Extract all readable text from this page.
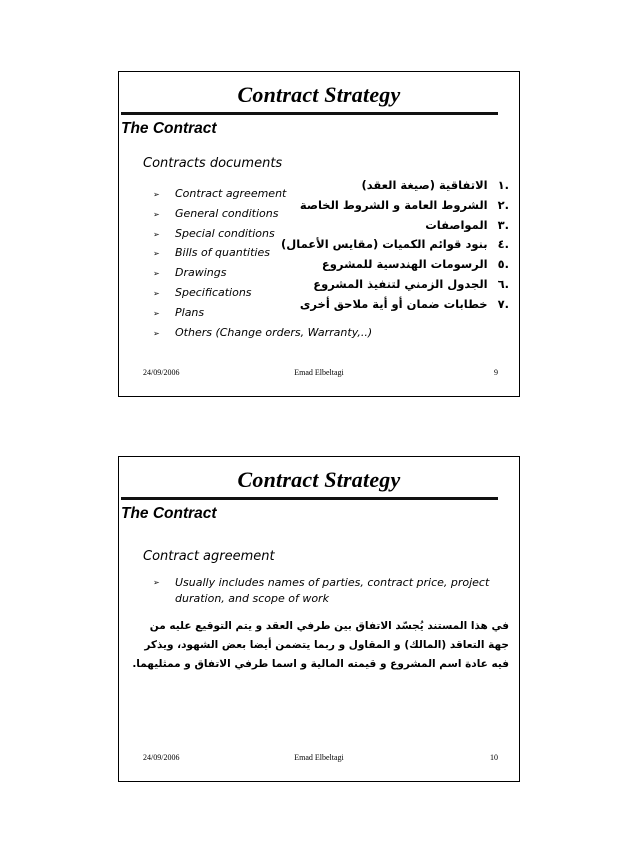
Contract Strategy
The Contract
Contracts documents
➢ Contract agreement
➢ General conditions
➢ Special conditions
➢ Bills of quantities
➢ Drawings
➢ Specifications
➢ Plans
➢ Others (Change orders, Warranty,..)
.١الاتفاقية (صيغة العقد)
.٢الشروط العامة و الشروط الخاصة
.٣المواصفات
.٤بنود قوائم الكميات (مقايس الأعمال)
.٥الرسومات الهندسية للمشروع
.٦الجدول الزمني لتنفيذ المشروع
.٧خطابات ضمان أو أية ملاحق أخرى
24/09/2006	Emad Elbeltagi	9
Contract Strategy
The Contract
Contract agreement
➢	Usually includes names of parties, contract price, project duration, and scope of work
في هذا المستند يُجسّد الاتفاق بين طرفي العقد و يتم التوقيع عليه من جهة التعاقد (المالك) و المقاول و ربما يتضمن أيضا بعض الشهود، ويذكر فيه عادة اسم المشروع و قيمته المالية و اسما طرفي الاتفاق و ممثليهما.
24/09/2006	Emad Elbeltagi	10
